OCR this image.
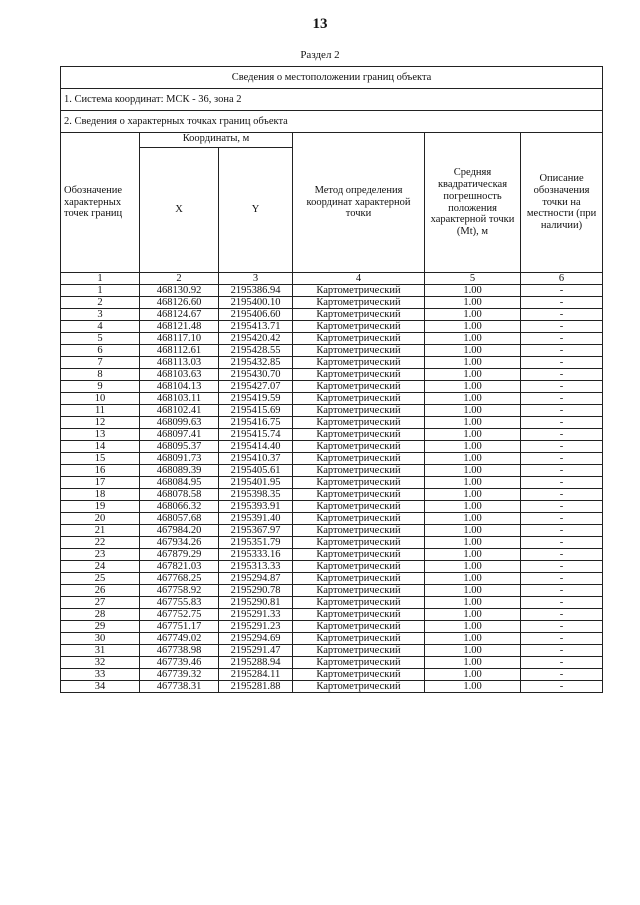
13
Раздел 2
Сведения о местоположении границ объекта					
1. Система координат: МСК - 36, зона 2					
2. Сведения о характерных точках границ объекта					
Обозначение характерных точек границ	Координаты, м		Метод определения координат характерной точки	Средняя квадратическая погрешность положения характерной точки (Mt), м	Описание обозначения точки на местности (при наличии)
	X	Y			
1	2	3	4	5	6
1	468130.92	2195386.94	Картометрический	1.00	-
2	468126.60	2195400.10	Картометрический	1.00	-
3	468124.67	2195406.60	Картометрический	1.00	-
4	468121.48	2195413.71	Картометрический	1.00	-
5	468117.10	2195420.42	Картометрический	1.00	-
6	468112.61	2195428.55	Картометрический	1.00	-
7	468113.03	2195432.85	Картометрический	1.00	-
8	468103.63	2195430.70	Картометрический	1.00	-
9	468104.13	2195427.07	Картометрический	1.00	-
10	468103.11	2195419.59	Картометрический	1.00	-
11	468102.41	2195415.69	Картометрический	1.00	-
12	468099.63	2195416.75	Картометрический	1.00	-
13	468097.41	2195415.74	Картометрический	1.00	-
14	468095.37	2195414.40	Картометрический	1.00	-
15	468091.73	2195410.37	Картометрический	1.00	-
16	468089.39	2195405.61	Картометрический	1.00	-
17	468084.95	2195401.95	Картометрический	1.00	-
18	468078.58	2195398.35	Картометрический	1.00	-
19	468066.32	2195393.91	Картометрический	1.00	-
20	468057.68	2195391.40	Картометрический	1.00	-
21	467984.20	2195367.97	Картометрический	1.00	-
22	467934.26	2195351.79	Картометрический	1.00	-
23	467879.29	2195333.16	Картометрический	1.00	-
24	467821.03	2195313.33	Картометрический	1.00	-
25	467768.25	2195294.87	Картометрический	1.00	-
26	467758.92	2195290.78	Картометрический	1.00	-
27	467755.83	2195290.81	Картометрический	1.00	-
28	467752.75	2195291.33	Картометрический	1.00	-
29	467751.17	2195291.23	Картометрический	1.00	-
30	467749.02	2195294.69	Картометрический	1.00	-
31	467738.98	2195291.47	Картометрический	1.00	-
32	467739.46	2195288.94	Картометрический	1.00	-
33	467739.32	2195284.11	Картометрический	1.00	-
34	467738.31	2195281.88	Картометрический	1.00	-
